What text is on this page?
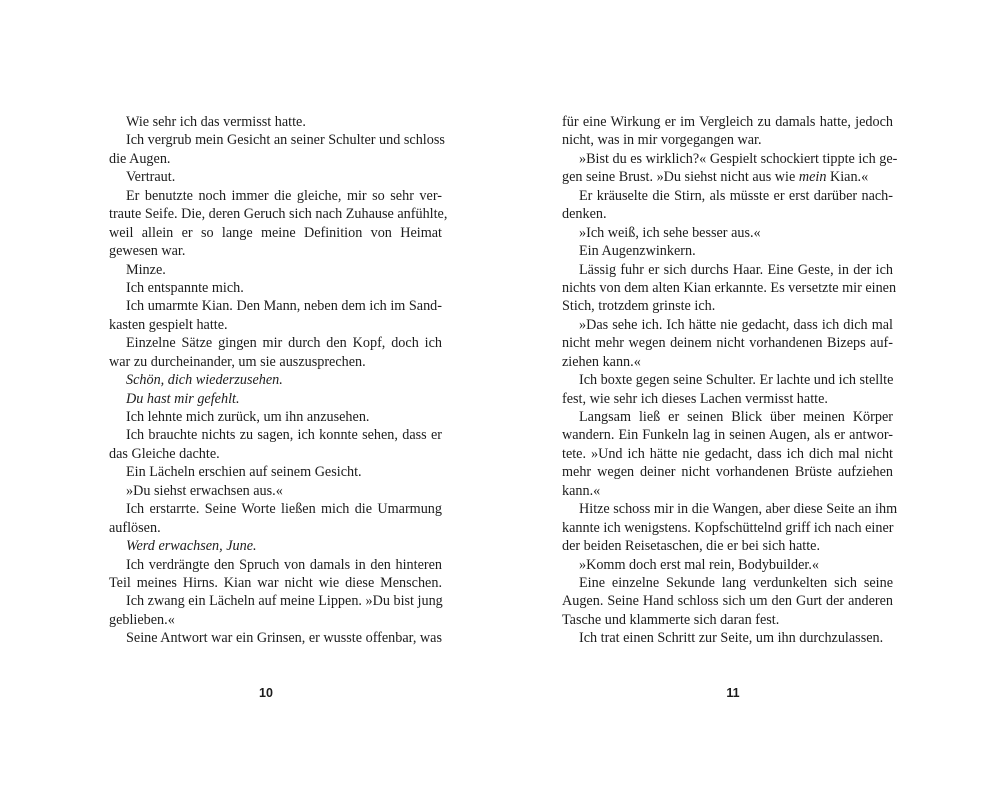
Wie sehr ich das vermisst hatte.
Ich vergrub mein Gesicht an seiner Schulter und schloss
die Augen.
Vertraut.
Er benutzte noch immer die gleiche, mir so sehr ver-
traute Seife. Die, deren Geruch sich nach Zuhause anfühlte,
weil allein er so lange meine Definition von Heimat
gewesen war.
Minze.
Ich entspannte mich.
Ich umarmte Kian. Den Mann, neben dem ich im Sand-
kasten gespielt hatte.
Einzelne Sätze gingen mir durch den Kopf, doch ich
war zu durcheinander, um sie auszusprechen.
Schön, dich wiederzusehen.
Du hast mir gefehlt.
Ich lehnte mich zurück, um ihn anzusehen.
Ich brauchte nichts zu sagen, ich konnte sehen, dass er
das Gleiche dachte.
Ein Lächeln erschien auf seinem Gesicht.
»Du siehst erwachsen aus.«
Ich erstarrte. Seine Worte ließen mich die Umarmung
auflösen.
Werd erwachsen, June.
Ich verdrängte den Spruch von damals in den hinteren
Teil meines Hirns. Kian war nicht wie diese Menschen.
Ich zwang ein Lächeln auf meine Lippen. »Du bist jung
geblieben.«
Seine Antwort war ein Grinsen, er wusste offenbar, was
für eine Wirkung er im Vergleich zu damals hatte, jedoch
nicht, was in mir vorgegangen war.
»Bist du es wirklich?« Gespielt schockiert tippte ich ge-
gen seine Brust. »Du siehst nicht aus wie mein Kian.«
Er kräuselte die Stirn, als müsste er erst darüber nach-
denken.
»Ich weiß, ich sehe besser aus.«
Ein Augenzwinkern.
Lässig fuhr er sich durchs Haar. Eine Geste, in der ich
nichts von dem alten Kian erkannte. Es versetzte mir einen
Stich, trotzdem grinste ich.
»Das sehe ich. Ich hätte nie gedacht, dass ich dich mal
nicht mehr wegen deinem nicht vorhandenen Bizeps auf-
ziehen kann.«
Ich boxte gegen seine Schulter. Er lachte und ich stellte
fest, wie sehr ich dieses Lachen vermisst hatte.
Langsam ließ er seinen Blick über meinen Körper
wandern. Ein Funkeln lag in seinen Augen, als er antwor-
tete. »Und ich hätte nie gedacht, dass ich dich mal nicht
mehr wegen deiner nicht vorhandenen Brüste aufziehen
kann.«
Hitze schoss mir in die Wangen, aber diese Seite an ihm
kannte ich wenigstens. Kopfschüttelnd griff ich nach einer
der beiden Reisetaschen, die er bei sich hatte.
»Komm doch erst mal rein, Bodybuilder.«
Eine einzelne Sekunde lang verdunkelten sich seine
Augen. Seine Hand schloss sich um den Gurt der anderen
Tasche und klammerte sich daran fest.
Ich trat einen Schritt zur Seite, um ihn durchzulassen.
10	11
